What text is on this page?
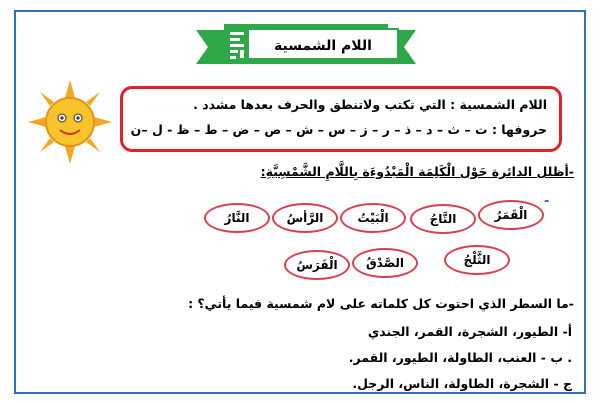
اللام الشمسية
اللام الشمسية : التي تكتب ولاتنطق والحرف بعدها مشدد .
حروفها : ت – ث – د – ذ – ر – ز – س – ش – ص – ض – ط – ظ - ل –ن
-أظلل الدائرة حَوْل الْكَلِمَة الْمَبْدُوءَة بِاللَّامِ الشَّمْسِيَّةِ:
-
الْقَمَرُ
التَّاجُ
الْبَيْتُ
الرَّأسُ
النَّارُ
الثَّلْجُ
الصَّدْقُ
الْفَرَسُ
-ما السطر الذي احتوت كل كلماته على لام شمسية فيما يأتي؟ :
أ- الطيور، الشجرة، القمر، الجندي
. ب - العنب، الطاولة، الطيور، القمر.
ج - الشجرة، الطاولة، الناس، الرجل.
